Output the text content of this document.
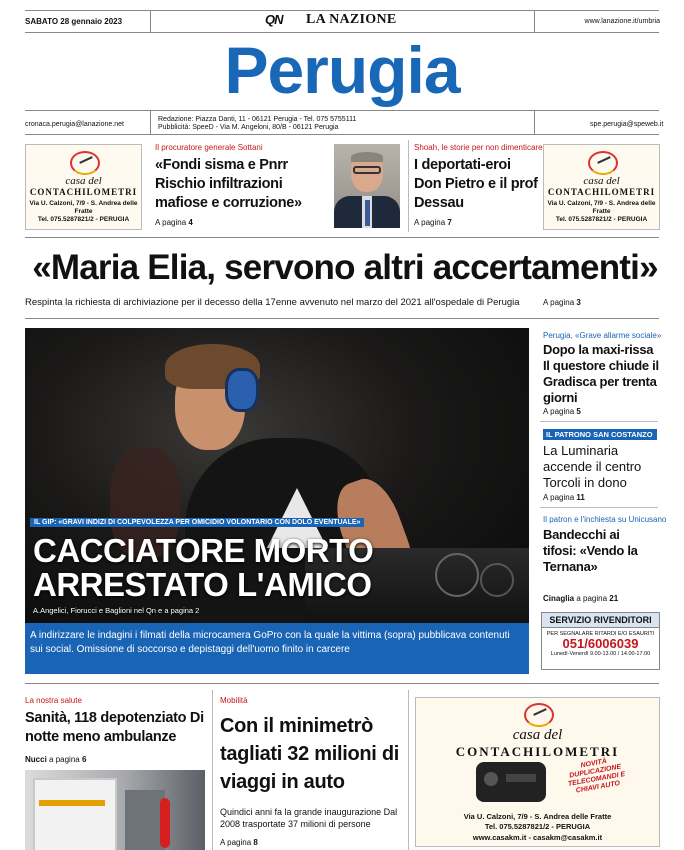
SABATO 28 gennaio 2023	QN LA NAZIONE	www.lanazione.it/umbria
Perugia
cronaca.perugia@lanazione.net
Redazione: Piazza Danti, 11 - 06121 Perugia - Tel. 075 5755111
Pubblicità: SpeeD - Via M. Angeloni, 80/B - 06121 Perugia	spe.perugia@speweb.it
casa del
CONTACHILOMETRI
Via U. Calzoni, 7/9 - S. Andrea delle Fratte
Tel. 075.5287821/2 - PERUGIA
Il procuratore generale Sottani
«Fondi sisma e Pnrr Rischio infiltrazioni mafiose e corruzione»
A pagina 4
Shoah, le storie per non dimenticare
I deportati-eroi Don Pietro e il prof Dessau
A pagina 7
casa del
CONTACHILOMETRI
Via U. Calzoni, 7/9 - S. Andrea delle Fratte
Tel. 075.5287821/2 - PERUGIA
«Maria Elia, servono altri accertamenti»
Respinta la richiesta di archiviazione per il decesso della 17enne avvenuto nel marzo del 2021 all'ospedale di Perugia	A pagina 3
IL GIP: «GRAVI INDIZI DI COLPEVOLEZZA PER OMICIDIO VOLONTARIO CON DOLO EVENTUALE»
CACCIATORE MORTO
ARRESTATO L'AMICO
A.Angelici, Fiorucci e Baglioni nel Qn e a pagina 2
A indirizzare le indagini i filmati della microcamera GoPro con la quale la vittima (sopra) pubblicava contenuti sui social. Omissione di soccorso e depistaggi dell'uomo finito in carcere
Perugia, «Grave allarme sociale»
Dopo la maxi-rissa Il questore chiude il Gradisca per trenta giorni
A pagina 5
IL PATRONO SAN COSTANZO
La Luminaria accende il centro Torcoli in dono
A pagina 11
Il patron e l'inchiesta su Unicusano
Bandecchi ai tifosi: «Vendo la Ternana»
Cinaglia a pagina 21
SERVIZIO RIVENDITORI
PER SEGNALARE RITARDI E/O ESAURITI
051/6006039
Lunedì-Venerdì 9.00-13.00 / 14.00-17.00
La nostra salute
Sanità, 118 depotenziato Di notte meno ambulanze
Nucci a pagina 6
Mobilità
Con il minimetrò tagliati 32 milioni di viaggi in auto
Quindici anni fa la grande inaugurazione Dal 2008 trasportate 37 milioni di persone
A pagina 8
casa del
CONTACHILOMETRI
NOVITÀ DUPLICAZIONE TELECOMANDI E CHIAVI AUTO
Via U. Calzoni, 7/9 - S. Andrea delle Fratte
Tel. 075.5287821/2 - PERUGIA
www.casakm.it - casakm@casakm.it
